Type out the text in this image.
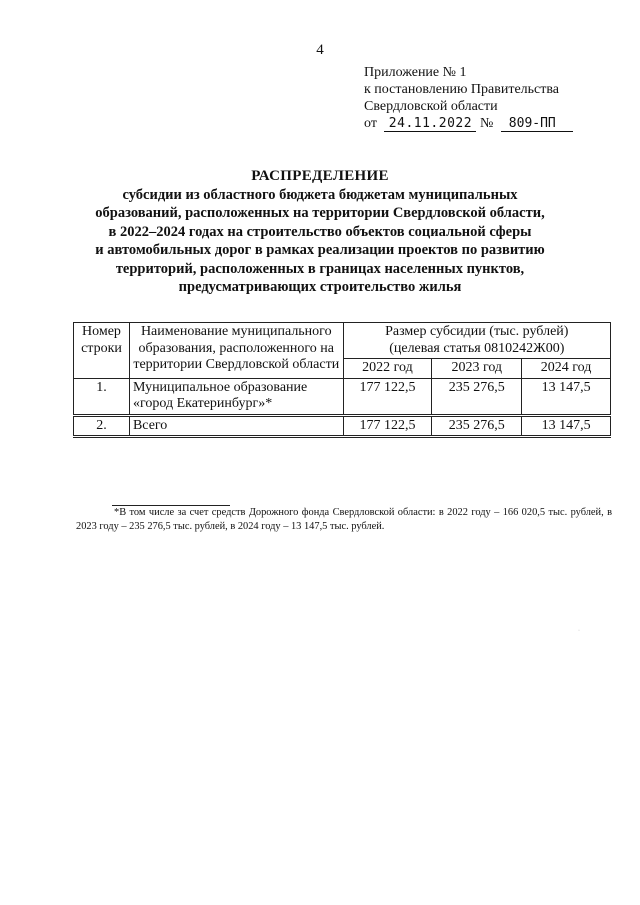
4
Приложение № 1
к постановлению Правительства
Свердловской области
от 24.11.2022 № 809-ПП
РАСПРЕДЕЛЕНИЕ
субсидии из областного бюджета бюджетам муниципальных
образований, расположенных на территории Свердловской области,
в 2022–2024 годах на строительство объектов социальной сферы
и автомобильных дорог в рамках реализации проектов по развитию
территорий, расположенных в границах населенных пунктов,
предусматривающих строительство жилья
Номер строки	Наименование муниципального образования, расположенного на территории Свердловской области	Размер субсидии (тыс. рублей)
(целевая статья 0810242Ж00)		

		2022 год	2023 год	2024 год
1.	Муниципальное образование «город Екатеринбург»*	177 122,5	235 276,5	13 147,5
2.	Всего	177 122,5	235 276,5	13 147,5
*В том числе за счет средств Дорожного фонда Свердловской области: в 2022 году – 166 020,5 тыс. рублей, в 2023 году – 235 276,5 тыс. рублей, в 2024 году – 13 147,5 тыс. рублей.
·
